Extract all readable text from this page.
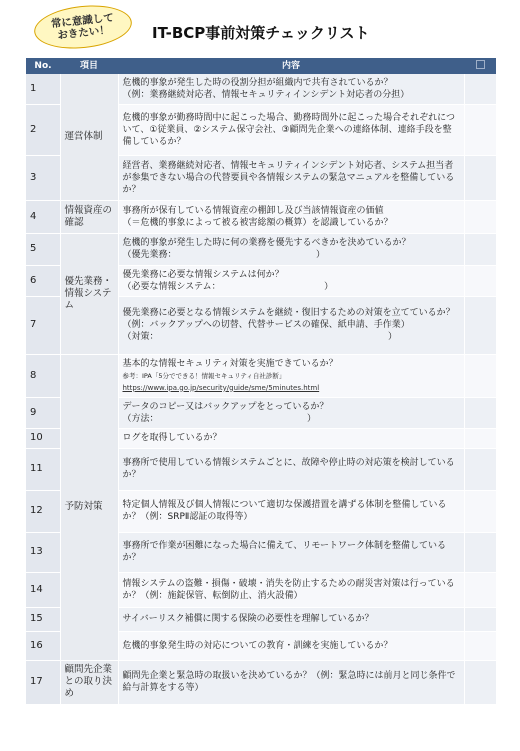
常に意識して
おきたい！	IT-BCP事前対策チェックリスト
No.	項目	内容	
1	運営体制	危機的事象が発生した時の役割分担が組織内で共有されているか？
（例：業務継続対応者、情報セキュリティインシデント対応者の分担）	
2		危機的事象が勤務時間中に起こった場合、勤務時間外に起こった場合それぞれについて、①従業員、②システム保守会社、③顧問先企業への連絡体制、連絡手段を整備しているか？	
3		経営者、業務継続対応者、情報セキュリティインシデント対応者、システム担当者が参集できない場合の代替要員や各情報システムの緊急マニュアルを整備しているか？	
4	情報資産の確認	事務所が保有している情報資産の棚卸し及び当該情報資産の価値
（＝危機的事象によって被る被害総額の概算）を認識しているか？	
5	優先業務・情報システム	危機的事象が発生した時に何の業務を優先するべきかを決めているか？
（優先業務：　　　　　　　　　　　　　　　　）	
6		優先業務に必要な情報システムは何か？
（必要な情報システム：　　　　　　　　　　　　）	
7		優先業務に必要となる情報システムを継続・復旧するための対策を立てているか？
（例：バックアップへの切替、代替サービスの確保、紙申請、手作業）
（対策：　　　　　　　　　　　　　　　　　　　　　　　　　　）	
8	予防対策	基本的な情報セキュリティ対策を実施できているか？
参考：IPA「5分でできる！情報セキュリティ自社診断」
https://www.ipa.go.jp/security/guide/sme/5minutes.html	
9		データのコピー又はバックアップをとっているか？
（方法：　　　　　　　　　　　　　　　　　）	
10		ログを取得しているか？	
11		事務所で使用している情報システムごとに、故障や停止時の対応策を検討しているか？	
12		特定個人情報及び個人情報について適切な保護措置を講ずる体制を整備しているか？（例：SRPⅡ認証の取得等）	
13		事務所で作業が困難になった場合に備えて、リモートワーク体制を整備しているか？	
14		情報システムの盗難・損傷・破壊・消失を防止するための耐災害対策は行っているか？（例：施錠保管、転倒防止、消火設備）	
15		サイバーリスク補償に関する保険の必要性を理解しているか？	
16		危機的事象発生時の対応についての教育・訓練を実施しているか？	
17	顧問先企業との取り決め	顧問先企業と緊急時の取扱いを決めているか？（例：緊急時には前月と同じ条件で給与計算をする等）	
